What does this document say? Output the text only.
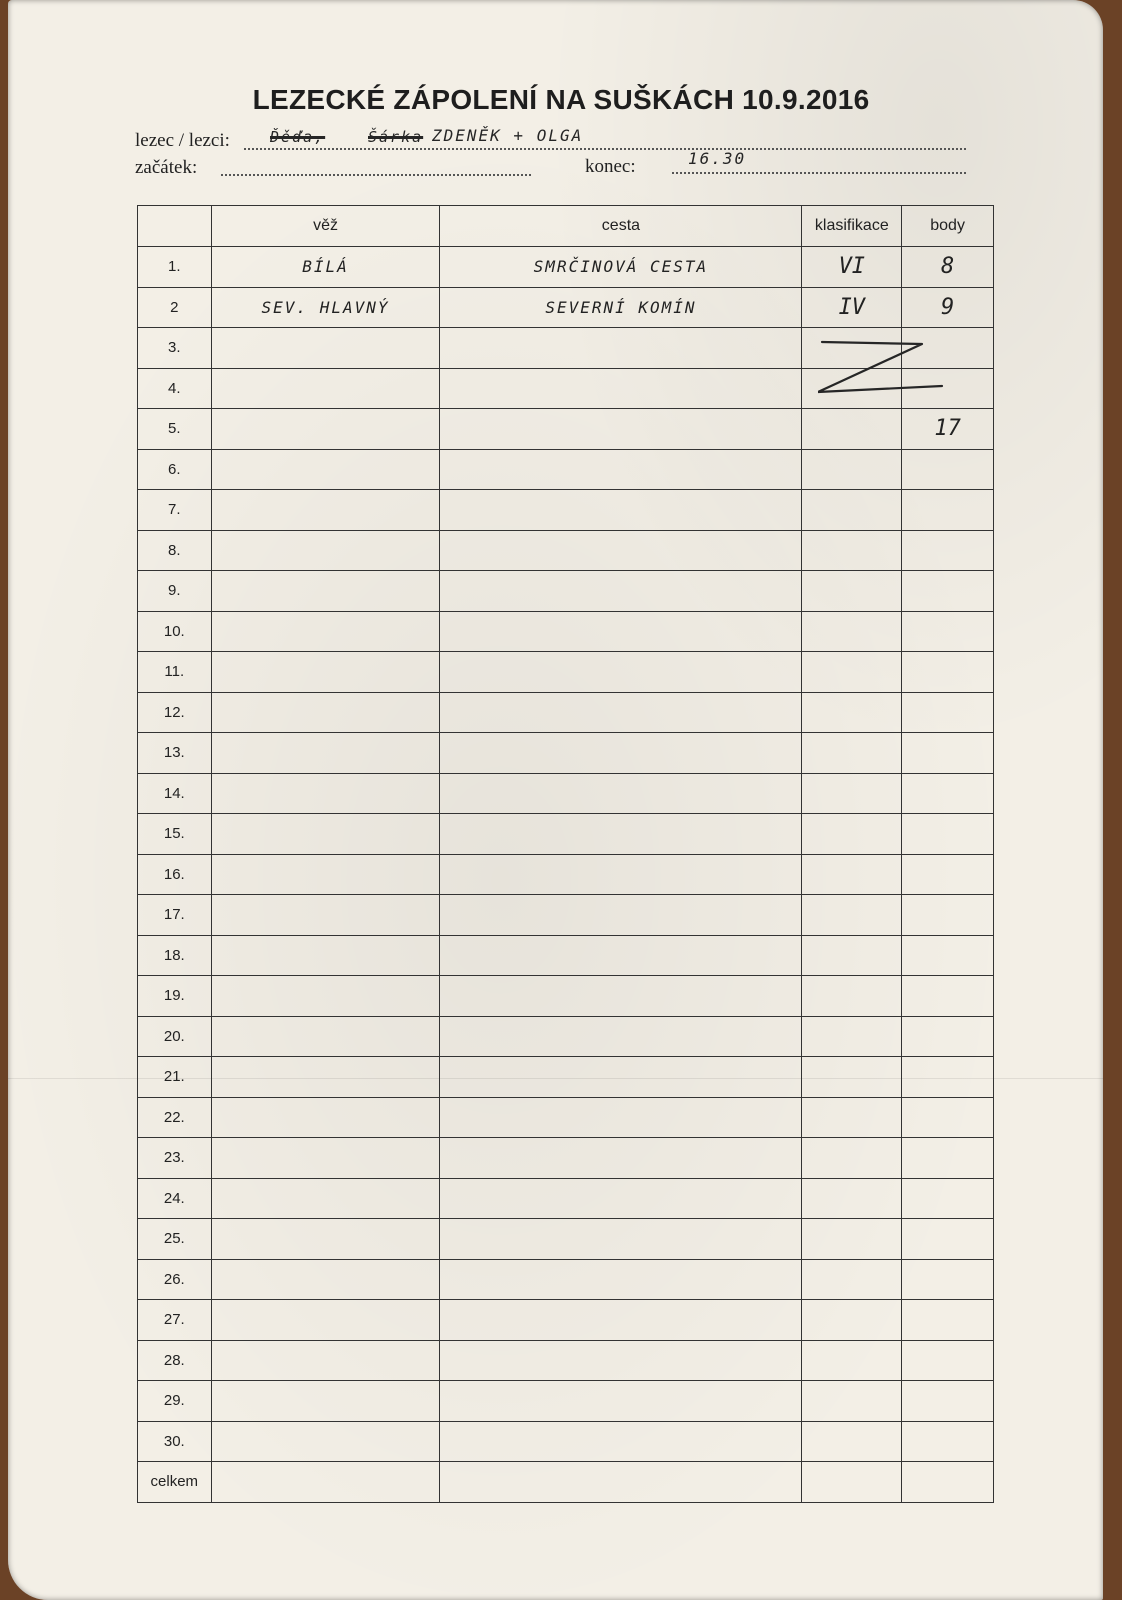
LEZECKÉ ZÁPOLENÍ NA SUŠKÁCH 10.9.2016
lezec / lezci:	Ďěďa,	Šárka ZDENĚK + OLGA
začátek:	konec:	16.30
	věž	cesta	klasifikace	body
1.	BÍLÁ	SMRČINOVÁ CESTA	VI	8
2	SEV. HLAVNÝ	SEVERNÍ KOMÍN	IV	9
3.				
4.				
5.				17
6.				
7.				
8.				
9.				
10.				
11.				
12.				
13.				
14.				
15.				
16.				
17.				
18.				
19.				
20.				
21.				
22.				
23.				
24.				
25.				
26.				
27.				
28.				
29.				
30.				
celkem				
